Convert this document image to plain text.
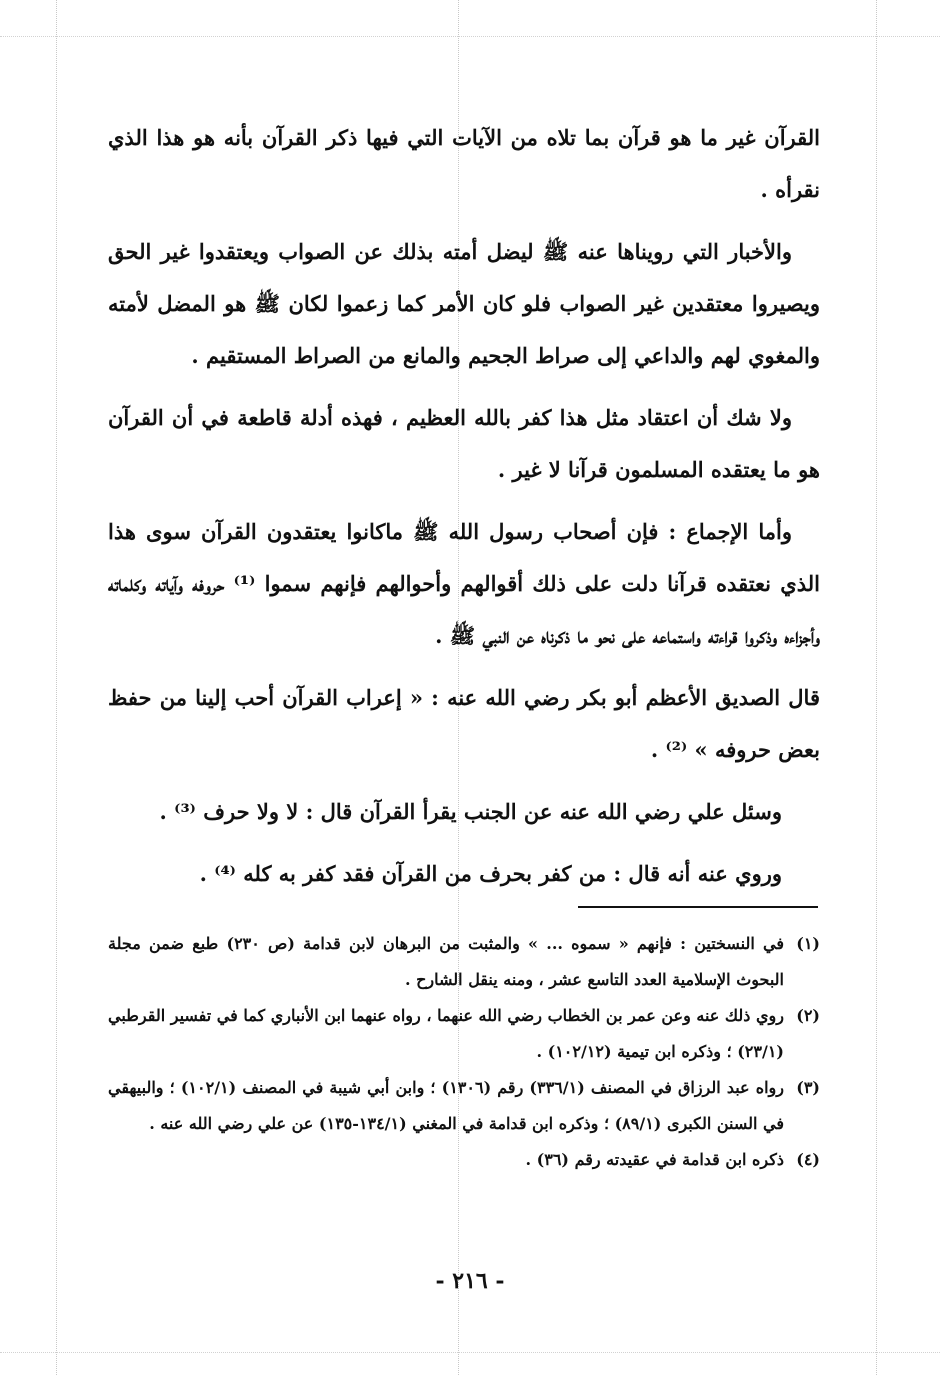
القرآن غير ما هو قرآن بما تلاه من الآيات التي فيها ذكر القرآن بأنه هو هذا الذي نقرأه .

والأخبار التي رويناها عنه ﷺ ليضل أمته بذلك عن الصواب ويعتقدوا غير الحق ويصيروا معتقدين غير الصواب فلو كان الأمر كما زعموا لكان ﷺ هو المضل لأمته والمغوي لهم والداعي إلى صراط الجحيم والمانع من الصراط المستقيم .

ولا شك أن اعتقاد مثل هذا كفر بالله العظيم ، فهذه أدلة قاطعة في أن القرآن هو ما يعتقده المسلمون قرآنا لا غير .

وأما الإجماع : فإن أصحاب رسول الله ﷺ ماكانوا يعتقدون القرآن سوى هذا الذي نعتقده قرآنا دلت على ذلك أقوالهم وأحوالهم فإنهم سموا ⁽¹⁾ حروفه وآياته وكلماته وأجزاءه وذكروا قراءته واستماعه على نحو ما ذكرناه عن النبي ﷺ .

قال الصديق الأعظم أبو بكر رضي الله عنه : « إعراب القرآن أحب إلينا من حفظ بعض حروفه » ⁽²⁾ .

وسئل علي رضي الله عنه عن الجنب يقرأ القرآن قال : لا ولا حرف ⁽³⁾ .

وروي عنه أنه قال : من كفر بحرف من القرآن فقد كفر به كله ⁽⁴⁾ .

(١)
في النسختين : فإنهم « سموه ... » والمثبت من البرهان لابن قدامة (ص ٢٣٠) طبع ضمن مجلة البحوث الإسلامية العدد التاسع عشر ، ومنه ينقل الشارح .
(٢)
روي ذلك عنه وعن عمر بن الخطاب رضي الله عنهما ، رواه عنهما ابن الأنباري كما في تفسير القرطبي (٢٣/١) ؛ وذكره ابن تيمية (١٠٢/١٢) .
(٣)
رواه عبد الرزاق في المصنف (٣٣٦/١) رقم (١٣٠٦) ؛ وابن أبي شيبة في المصنف (١٠٢/١) ؛ والبيهقي في السنن الكبرى (٨٩/١) ؛ وذكره ابن قدامة في المغني (١٣٤/١-١٣٥) عن علي رضي الله عنه .
(٤)
ذكره ابن قدامة في عقيدته رقم (٣٦) .
- ٢١٦ -
